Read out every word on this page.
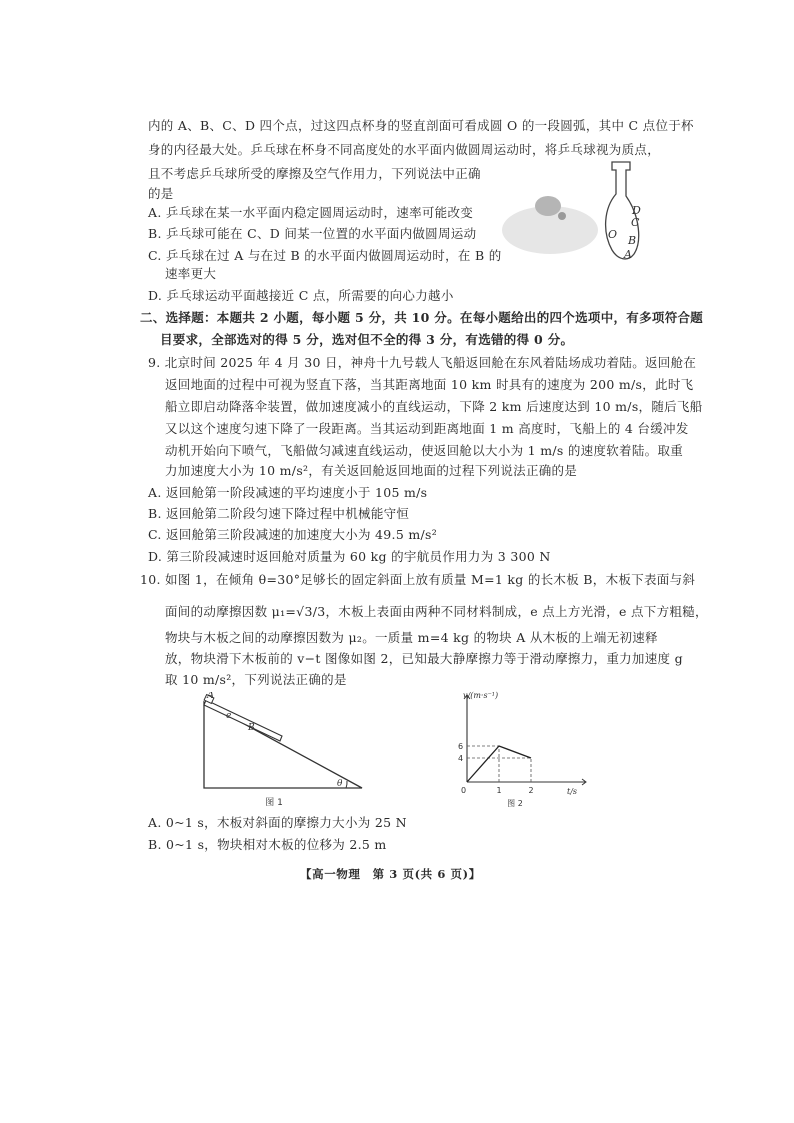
内的 A、B、C、D 四个点，过这四点杯身的竖直剖面可看成圆 O 的一段圆弧，其中 C 点位于杯
身的内径最大处。乒乓球在杯身不同高度处的水平面内做圆周运动时，将乒乓球视为质点，
且不考虑乒乓球所受的摩擦及空气作用力，下列说法中正确
的是
A. 乒乓球在某一水平面内稳定圆周运动时，速率可能改变
B. 乒乓球可能在 C、D 间某一位置的水平面内做圆周运动
C. 乒乓球在过 A 与在过 B 的水平面内做圆周运动时，在 B 的
速率更大
D. 乒乓球运动平面越接近 C 点，所需要的向心力越小
D
C
O B
A
二、选择题：本题共 2 小题，每小题 5 分，共 10 分。在每小题给出的四个选项中，有多项符合题
目要求，全部选对的得 5 分，选对但不全的得 3 分，有选错的得 0 分。
9. 北京时间 2025 年 4 月 30 日，神舟十九号载人飞船返回舱在东风着陆场成功着陆。返回舱在
返回地面的过程中可视为竖直下落，当其距离地面 10 km 时具有的速度为 200 m/s，此时飞
船立即启动降落伞装置，做加速度减小的直线运动，下降 2 km 后速度达到 10 m/s，随后飞船
又以这个速度匀速下降了一段距离。当其运动到距离地面 1 m 高度时，飞船上的 4 台缓冲发
动机开始向下喷气，飞船做匀减速直线运动，使返回舱以大小为 1 m/s 的速度软着陆。取重
力加速度大小为 10 m/s²，有关返回舱返回地面的过程下列说法正确的是
A. 返回舱第一阶段减速的平均速度小于 105 m/s
B. 返回舱第二阶段匀速下降过程中机械能守恒
C. 返回舱第三阶段减速的加速度大小为 49.5 m/s²
D. 第三阶段减速时返回舱对质量为 60 kg 的宇航员作用力为 3 300 N
10. 如图 1，在倾角 θ=30°足够长的固定斜面上放有质量 M=1 kg 的长木板 B，木板下表面与斜
面间的动摩擦因数 μ₁=√3/3，木板上表面由两种不同材料制成，e 点上方光滑，e 点下方粗糙，
物块与木板之间的动摩擦因数为 μ₂。一质量 m=4 kg 的物块 A 从木板的上端无初速释
放，物块滑下木板前的 v−t 图像如图 2，已知最大静摩擦力等于滑动摩擦力，重力加速度 g
取 10 m/s²，下列说法正确的是
A
e
B
θ
图 1
v/(m·s⁻¹)
t/s
0
6
4
1	2
图 2
A. 0~1 s，木板对斜面的摩擦力大小为 25 N
B. 0~1 s，物块相对木板的位移为 2.5 m
【高一物理　第 3 页(共 6 页)】
